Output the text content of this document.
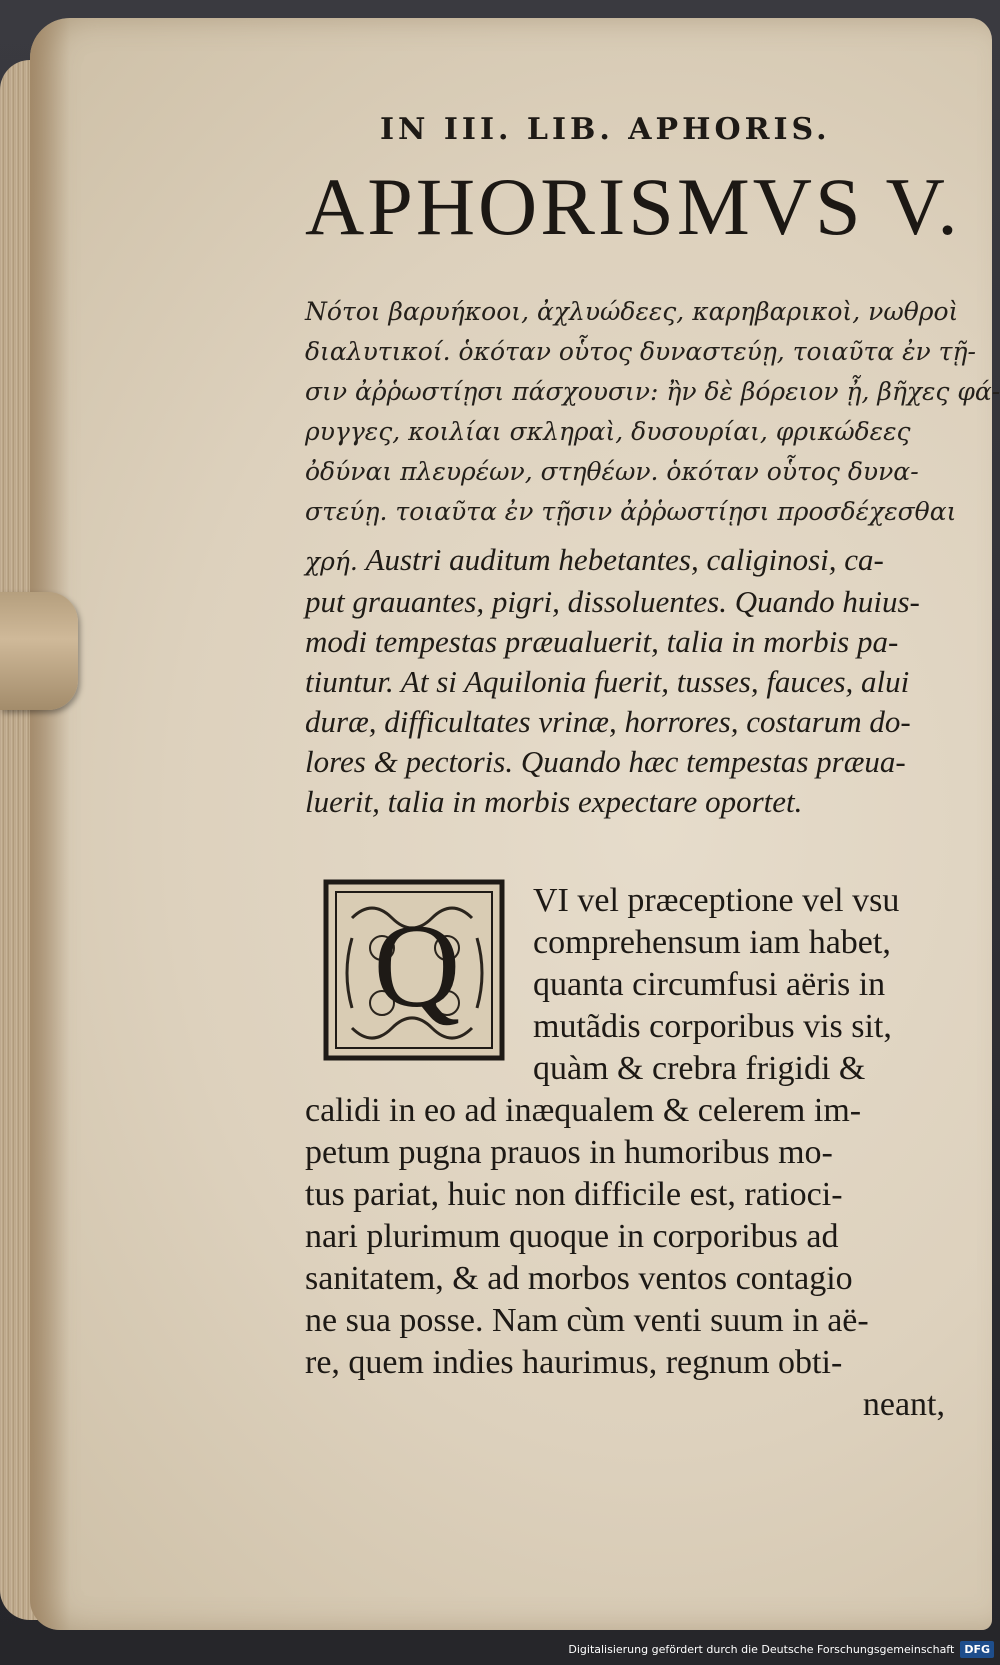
IN III. LIB. APHORIS.
APHORISMVS V.
Νότοι βαρυήκοοι, ἀχλυώδεες, καρηβαρικοὶ, νωθροὶ
διαλυτικοί. ὁκόταν οὗτος δυναστεύῃ, τοιαῦτα ἐν τῇ-
σιν ἀῤῥωστίῃσι πάσχουσιν: ἢν δὲ βόρειον ᾖ, βῆχες φά-
ρυγγες, κοιλίαι σκληραὶ, δυσουρίαι, φρικώδεες
ὀδύναι πλευρέων, στηθέων. ὁκόταν οὗτος δυνα-
στεύῃ. τοιαῦτα ἐν τῇσιν ἀῤῥωστίῃσι προσδέχεσθαι
χρή. Austri auditum hebetantes, caliginosi, ca-
put grauantes, pigri, dissoluentes. Quando huius-
modi tempestas præualuerit, talia in morbis pa-
tiuntur. At si Aquilonia fuerit, tusses, fauces, alui
duræ, difficultates vrinæ, horrores, costarum do-
lores & pectoris. Quando hæc tempestas præua-
luerit, talia in morbis expectare oportet.
Q	VI vel præceptione vel vsu
comprehensum iam habet,
quanta circumfusi aëris in
mutãdis corporibus vis sit,
quàm & crebra frigidi &
calidi in eo ad inæqualem & celerem im-
petum pugna prauos in humoribus mo-
tus pariat, huic non difficile est, ratioci-
nari plurimum quoque in corporibus ad
sanitatem, & ad morbos ventos contagio
ne sua posse. Nam cùm venti suum in aë-
re, quem indies haurimus, regnum obti-
neant,
Digitalisierung gefördert durch die Deutsche Forschungsgemeinschaft DFG
